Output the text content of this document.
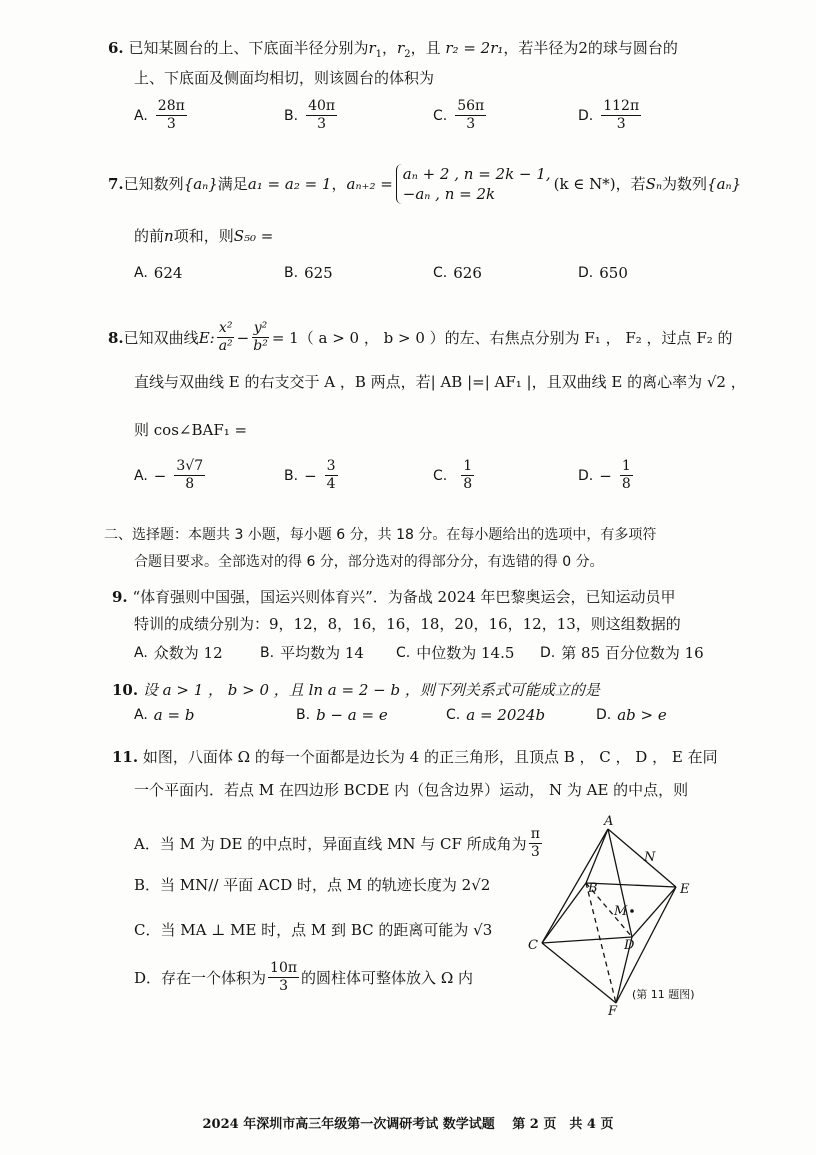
6. 已知某圆台的上、下底面半径分别为$r_1$，$r_2$，且 r₂ = 2r₁，若半径为2的球与圆台的
上、下底面及侧面均相切，则该圆台的体积为
A. $\frac{28\pi}{3}$	B. $\frac{40\pi}{3}$	C. $\frac{56\pi}{3}$	D. $\frac{112\pi}{3}$
7. 已知数列 {aₙ} 满足 a₁ = a₂ = 1 ， aₙ₊₂ =
aₙ + 2 , n = 2k − 1,
−aₙ , n = 2k
(k ∈ N*) ，若 Sₙ 为数列 {aₙ}
的前n项和，则S₅₀ =
A. 624	B. 625	C. 626	D. 650
8. 已知双曲线 E: $\frac{\text{x²}}{\text{a²}} - \frac{\text{y²}}{\text{b²}} = 1$ （ a > 0 ， b > 0 ）的左、右焦点分别为 F₁ ， F₂ ，过点 F₂ 的
直线与双曲线 E 的右支交于 A ，B 两点，若| AB |=| AF₁ |，且双曲线 E 的离心率为 √2 ，
则 cos∠BAF₁ =
A. − $\frac{3√7}{8}$	B. − $\frac{3}{4}$	C. $\frac{1}{8}$	D. − $\frac{1}{8}$
二、选择题：本题共 3 小题，每小题 6 分，共 18 分。在每小题给出的选项中，有多项符
合题目要求。全部选对的得 6 分，部分选对的得部分分，有选错的得 0 分。
9. “体育强则中国强，国运兴则体育兴”．为备战 2024 年巴黎奥运会，已知运动员甲
特训的成绩分别为：9，12，8，16，16，18，20，16，12，13，则这组数据的
A. 众数为 12	B. 平均数为 14 C. 中位数为 14.5 D. 第 85 百分位数为 16
10. 设 a > 1 ， b > 0 ，且 ln a = 2 − b ，则下列关系式可能成立的是
A. a = b	B. b − a = e	C. a = 2024b	D. ab > e
11. 如图，八面体 Ω 的每一个面都是边长为 4 的正三角形，且顶点 B ， C ， D ， E 在同
一个平面内．若点 M 在四边形 BCDE 内（包含边界）运动， N 为 AE 的中点，则
A．当 M 为 DE 的中点时，异面直线 MN 与 CF 所成角为 $\frac{\pi}{3}$
B．当 MN// 平面 ACD 时，点 M 的轨迹长度为 2√2
C．当 MA ⊥ ME 时，点 M 到 BC 的距离可能为 √3
D．存在一个体积为 $\frac{10\pi}{3}$ 的圆柱体可整体放入 Ω 内
A
B
C	D
E
F
M
N
(第 11 题图)
2024 年深圳市高三年级第一次调研考试 数学试题　 第 2 页　共 4 页
